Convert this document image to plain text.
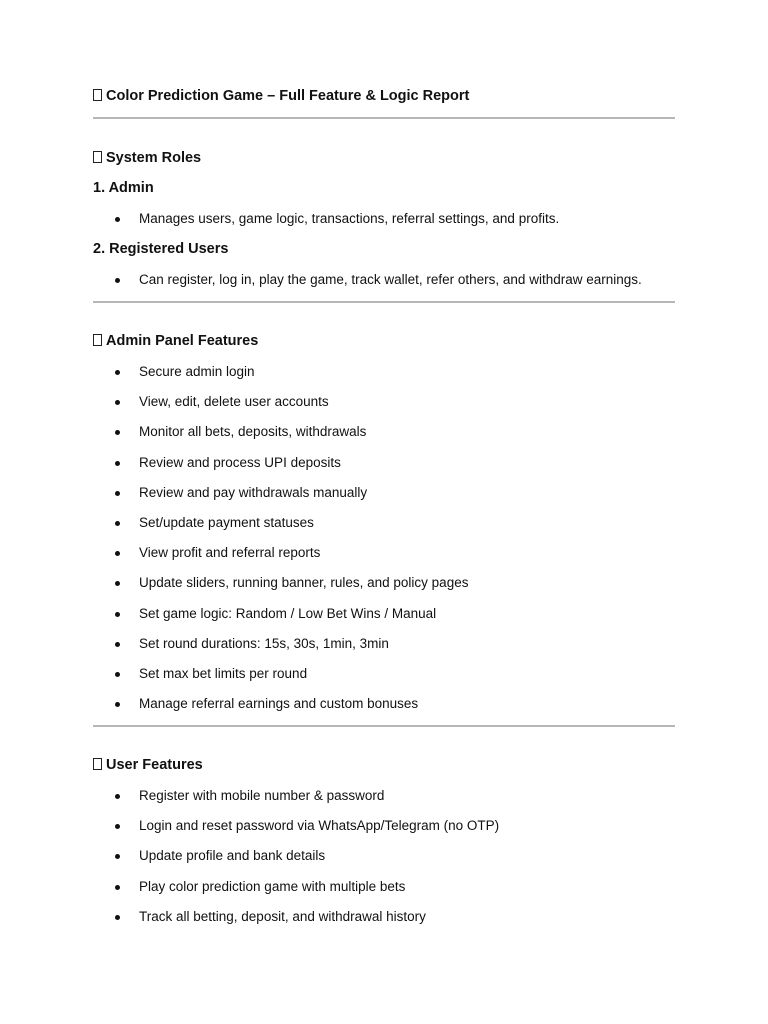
Color Prediction Game – Full Feature & Logic Report
System Roles
1. Admin
Manages users, game logic, transactions, referral settings, and profits.
2. Registered Users
Can register, log in, play the game, track wallet, refer others, and withdraw earnings.
Admin Panel Features
Secure admin login
View, edit, delete user accounts
Monitor all bets, deposits, withdrawals
Review and process UPI deposits
Review and pay withdrawals manually
Set/update payment statuses
View profit and referral reports
Update sliders, running banner, rules, and policy pages
Set game logic: Random / Low Bet Wins / Manual
Set round durations: 15s, 30s, 1min, 3min
Set max bet limits per round
Manage referral earnings and custom bonuses
User Features
Register with mobile number & password
Login and reset password via WhatsApp/Telegram (no OTP)
Update profile and bank details
Play color prediction game with multiple bets
Track all betting, deposit, and withdrawal history
